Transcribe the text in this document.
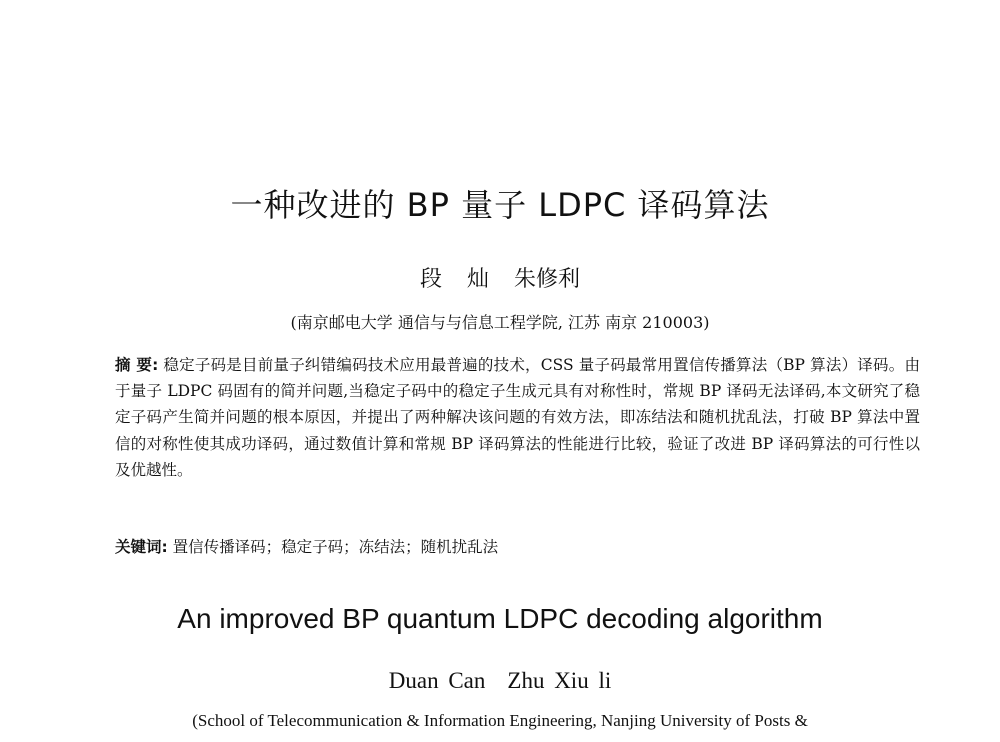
一种改进的 BP 量子 LDPC 译码算法
段 灿 朱修利
(南京邮电大学 通信与与信息工程学院, 江苏 南京 210003)
摘 要: 稳定子码是目前量子纠错编码技术应用最普遍的技术，CSS 量子码最常用置信传播算法（BP 算法）译码。由于量子 LDPC 码固有的简并问题,当稳定子码中的稳定子生成元具有对称性时，常规 BP 译码无法译码,本文研究了稳定子码产生简并问题的根本原因，并提出了两种解决该问题的有效方法，即冻结法和随机扰乱法，打破 BP 算法中置信的对称性使其成功译码，通过数值计算和常规 BP 译码算法的性能进行比较，验证了改进 BP 译码算法的可行性以及优越性。
关键词: 置信传播译码；稳定子码；冻结法；随机扰乱法
An improved BP quantum LDPC decoding algorithm
Duan Can Zhu Xiu li
(School of Telecommunication & Information Engineering, Nanjing University of Posts &
